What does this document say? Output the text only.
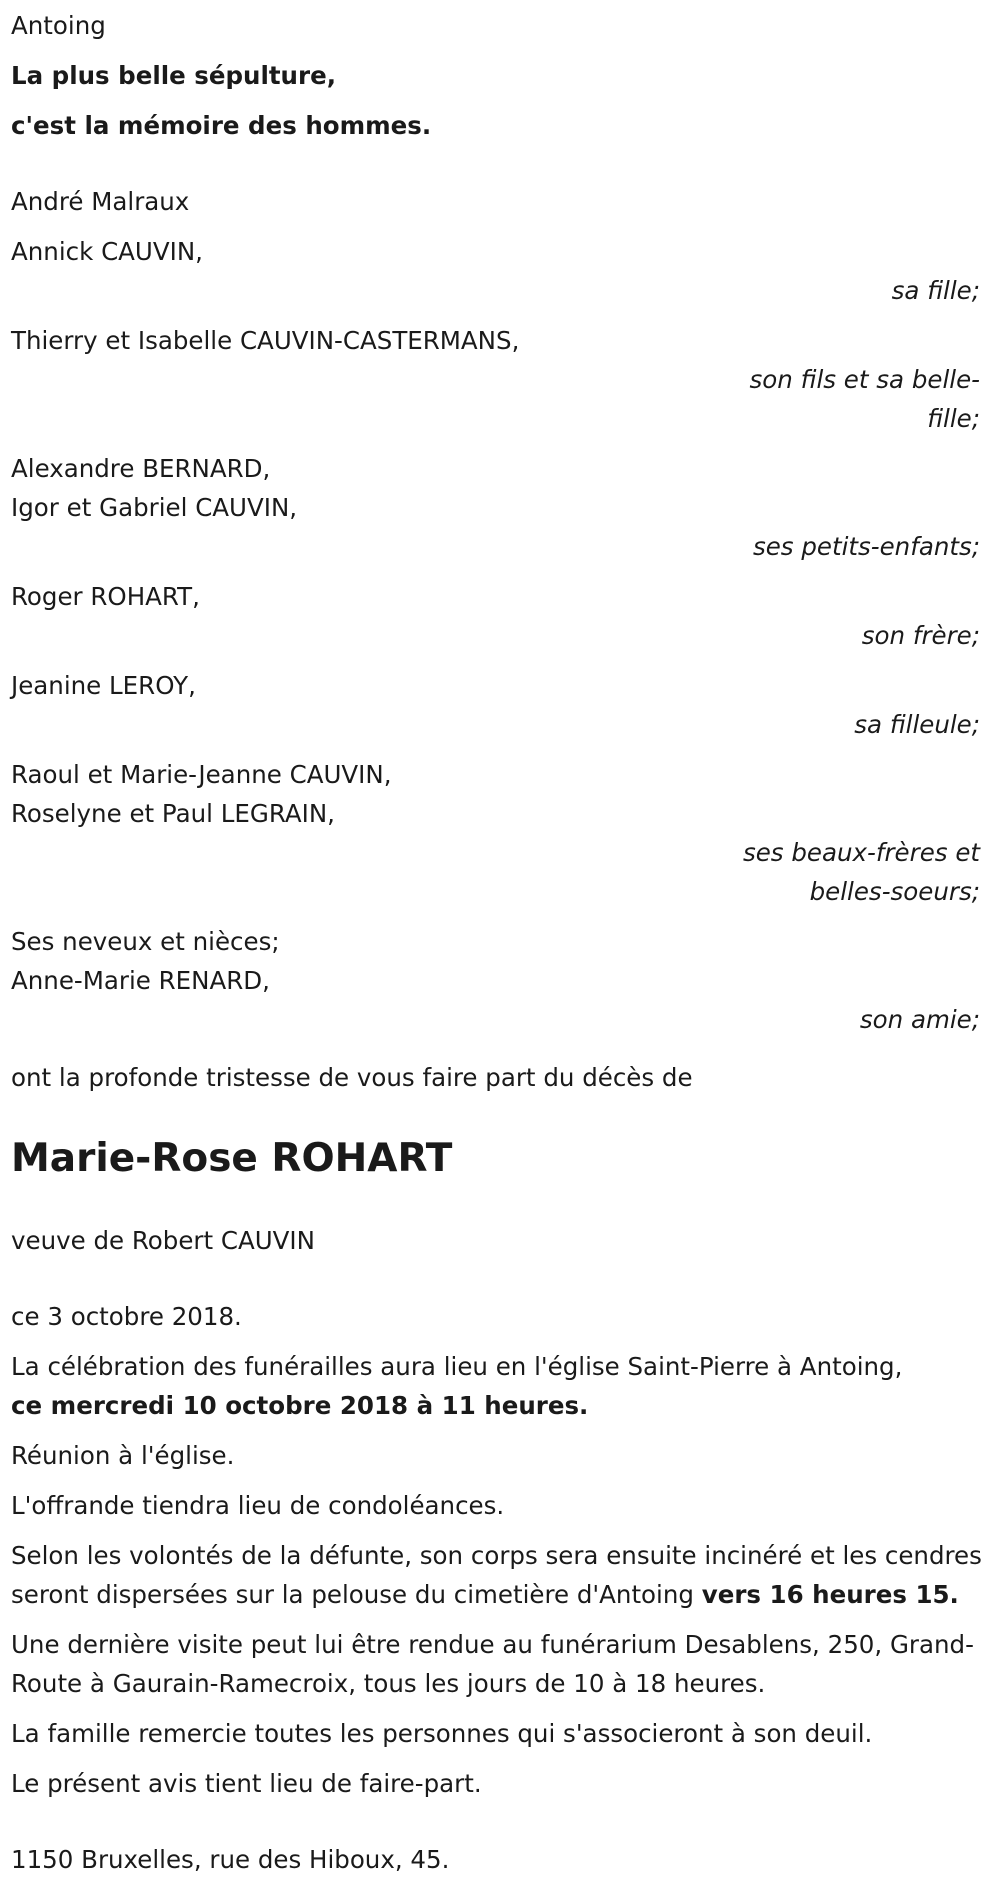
Antoing

La plus belle sépulture,

c'est la mémoire des hommes.

André Malraux

Annick CAUVIN,

sa fille;

Thierry et Isabelle CAUVIN-CASTERMANS,

son fils et sa belle-fille;

Alexandre BERNARD,

Igor et Gabriel CAUVIN,

ses petits-enfants;

Roger ROHART,

son frère;

Jeanine LEROY,

sa filleule;

Raoul et Marie-Jeanne CAUVIN,

Roselyne et Paul LEGRAIN,

ses beaux-frères et belles-soeurs;

Ses neveux et nièces;

Anne-Marie RENARD,

son amie;

ont la profonde tristesse de vous faire part du décès de

Marie-Rose ROHART

veuve de Robert CAUVIN

ce 3 octobre 2018.

La célébration des funérailles aura lieu en l'église Saint-Pierre à Antoing,
ce mercredi 10 octobre 2018 à 11 heures.

Réunion à l'église.

L'offrande tiendra lieu de condoléances.

Selon les volontés de la défunte, son corps sera ensuite incinéré et les cendres seront dispersées sur la pelouse du cimetière d'Antoing vers 16 heures 15.

Une dernière visite peut lui être rendue au funérarium Desablens, 250, Grand-Route à Gaurain-Ramecroix, tous les jours de 10 à 18 heures.

La famille remercie toutes les personnes qui s'associeront à son deuil.

Le présent avis tient lieu de faire-part.

1150 Bruxelles, rue des Hiboux, 45.
